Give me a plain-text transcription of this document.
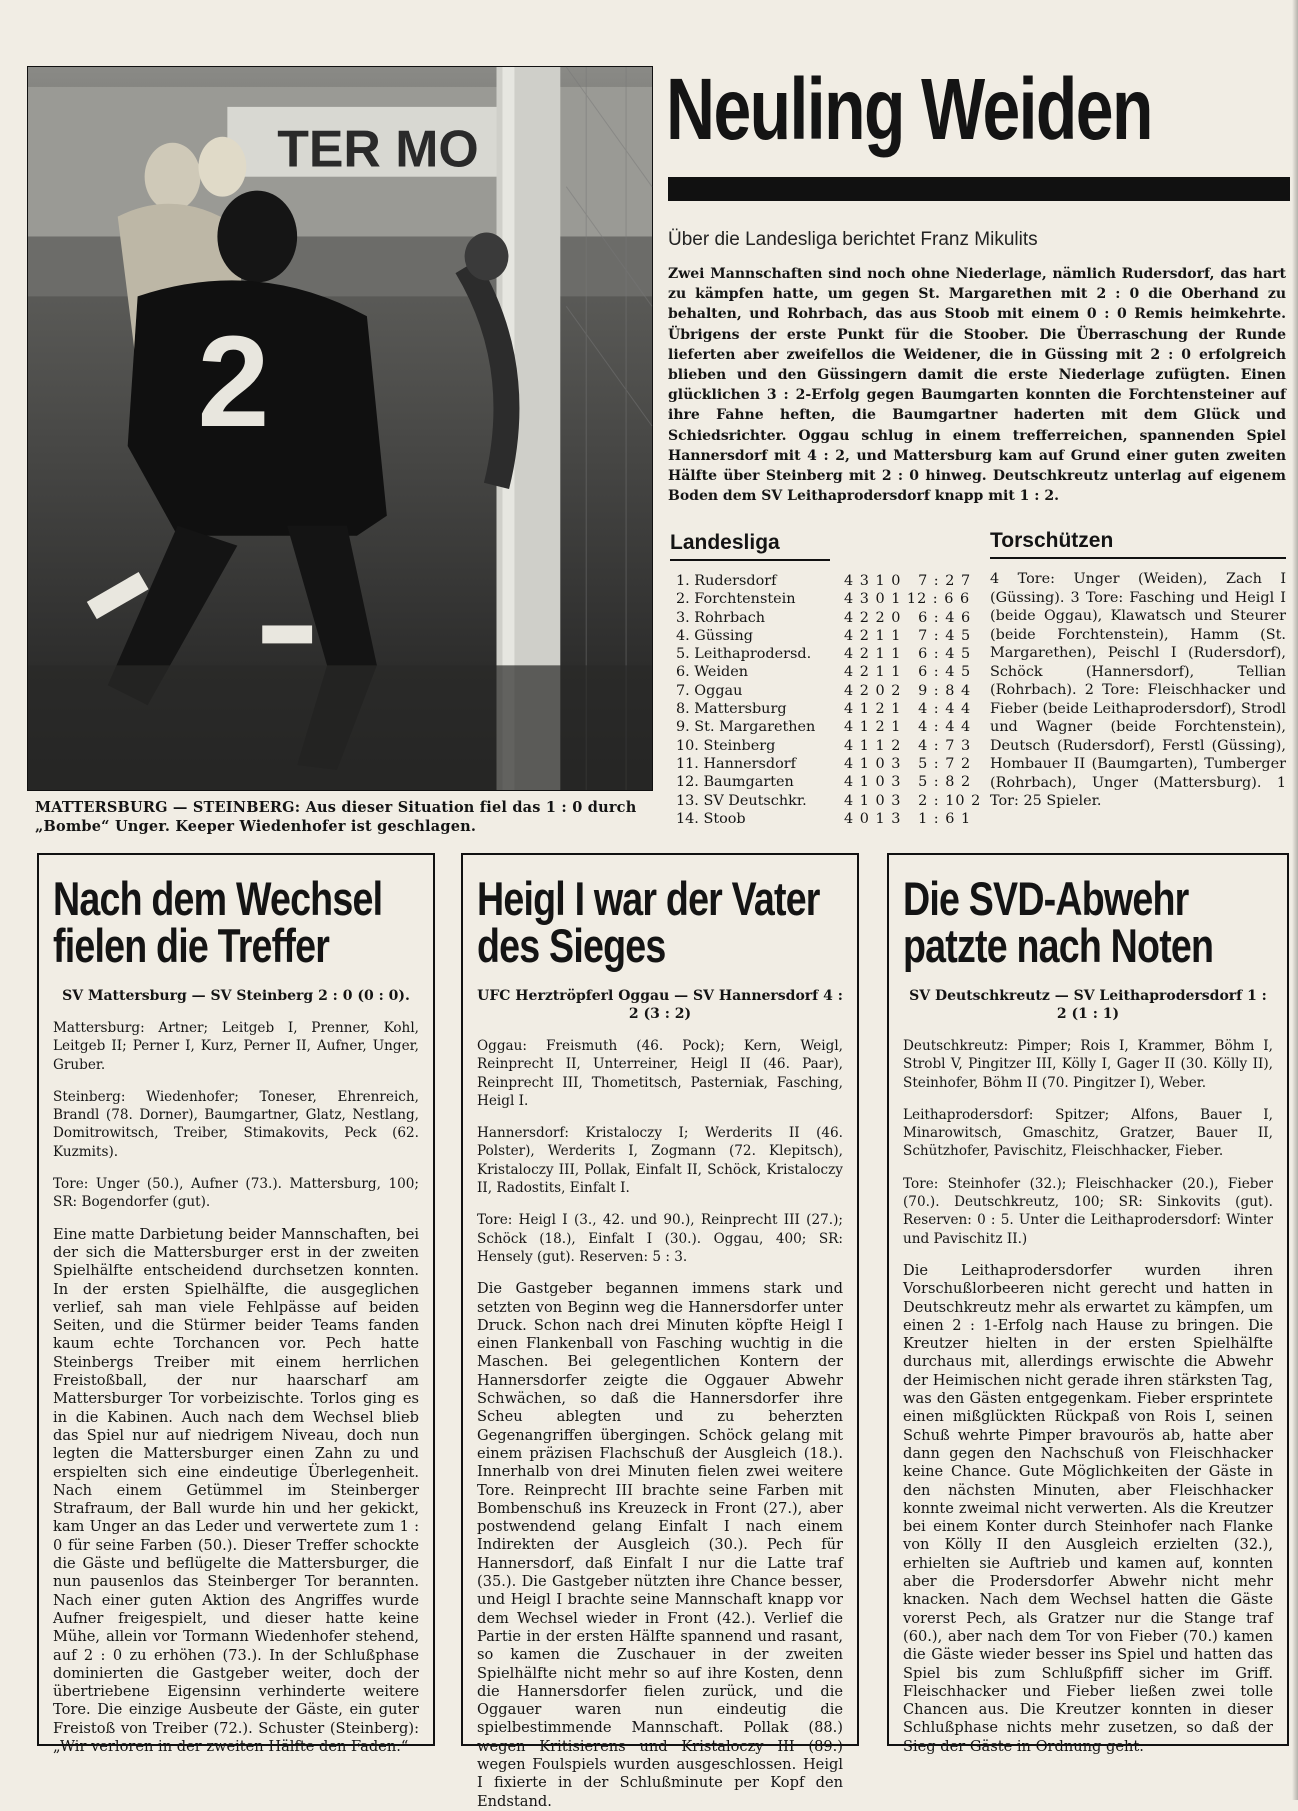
TER MO
2
MATTERSBURG — STEINBERG: Aus dieser Situation fiel das 1 : 0 durch „Bombe“ Unger. Keeper Wiedenhofer ist geschlagen.
Neuling Weiden
Über die Landesliga berichtet Franz Mikulits
Zwei Mannschaften sind noch ohne Niederlage, nämlich Rudersdorf, das hart zu kämpfen hatte, um gegen St. Margarethen mit 2 : 0 die Oberhand zu behalten, und Rohrbach, das aus Stoob mit einem 0 : 0 Remis heimkehrte. Übrigens der erste Punkt für die Stoober. Die Überraschung der Runde lieferten aber zweifellos die Weidener, die in Güssing mit 2 : 0 erfolgreich blieben und den Güssingern damit die erste Niederlage zufügten. Einen glücklichen 3 : 2-Erfolg gegen Baumgarten konnten die Forchtensteiner auf ihre Fahne heften, die Baumgartner haderten mit dem Glück und Schiedsrichter. Oggau schlug in einem trefferreichen, spannenden Spiel Hannersdorf mit 4 : 2, und Mattersburg kam auf Grund einer guten zweiten Hälfte über Steinberg mit 2 : 0 hinweg. Deutschkreutz unterlag auf eigenem Boden dem SV Leithaprodersdorf knapp mit 1 : 2.
Landesliga
1. Rudersdorf	4 3 1 0   7 : 2 7
2. Forchtenstein	4 3 0 1 12 : 6 6
3. Rohrbach	4 2 2 0   6 : 4 6
4. Güssing	4 2 1 1   7 : 4 5
5. Leithaprodersd.	4 2 1 1   6 : 4 5
6. Weiden	4 2 1 1   6 : 4 5
7. Oggau	4 2 0 2   9 : 8 4
8. Mattersburg	4 1 2 1   4 : 4 4
9. St. Margarethen	4 1 2 1   4 : 4 4
10. Steinberg	4 1 1 2   4 : 7 3
11. Hannersdorf	4 1 0 3   5 : 7 2
12. Baumgarten	4 1 0 3   5 : 8 2
13. SV Deutschkr.	4 1 0 3   2 : 10 2
14. Stoob	4 0 1 3   1 : 6 1
Torschützen
4 Tore: Unger (Weiden), Zach I (Güssing). 3 Tore: Fasching und Heigl I (beide Oggau), Klawatsch und Steurer (beide Forchtenstein), Hamm (St. Margarethen), Peischl I (Rudersdorf), Schöck (Hannersdorf), Tellian (Rohrbach). 2 Tore: Fleischhacker und Fieber (beide Leithaprodersdorf), Strodl und Wagner (beide Forchtenstein), Deutsch (Rudersdorf), Ferstl (Güssing), Hombauer II (Baumgarten), Tumberger (Rohrbach), Unger (Mattersburg). 1 Tor: 25 Spieler.
Nach dem Wechsel fielen die Treffer
SV Mattersburg — SV Steinberg 2 : 0 (0 : 0).
Mattersburg: Artner; Leitgeb I, Prenner, Kohl, Leitgeb II; Perner I, Kurz, Perner II, Aufner, Unger, Gruber.
Steinberg: Wiedenhofer; Toneser, Ehrenreich, Brandl (78. Dorner), Baumgartner, Glatz, Nestlang, Domitrowitsch, Treiber, Stimakovits, Peck (62. Kuzmits).
Tore: Unger (50.), Aufner (73.). Mattersburg, 100; SR: Bogendorfer (gut).
Eine matte Darbietung beider Mannschaften, bei der sich die Mattersburger erst in der zweiten Spielhälfte entscheidend durchsetzen konnten. In der ersten Spielhälfte, die ausgeglichen verlief, sah man viele Fehlpässe auf beiden Seiten, und die Stürmer beider Teams fanden kaum echte Torchancen vor. Pech hatte Steinbergs Treiber mit einem herrlichen Freistoßball, der nur haarscharf am Mattersburger Tor vorbeizischte. Torlos ging es in die Kabinen. Auch nach dem Wechsel blieb das Spiel nur auf niedrigem Niveau, doch nun legten die Mattersburger einen Zahn zu und erspielten sich eine eindeutige Überlegenheit. Nach einem Getümmel im Steinberger Strafraum, der Ball wurde hin und her gekickt, kam Unger an das Leder und verwertete zum 1 : 0 für seine Farben (50.). Dieser Treffer schockte die Gäste und beflügelte die Mattersburger, die nun pausenlos das Steinberger Tor berannten. Nach einer guten Aktion des Angriffes wurde Aufner freigespielt, und dieser hatte keine Mühe, allein vor Tormann Wiedenhofer stehend, auf 2 : 0 zu erhöhen (73.). In der Schlußphase dominierten die Gastgeber weiter, doch der übertriebene Eigensinn verhinderte weitere Tore. Die einzige Ausbeute der Gäste, ein guter Freistoß von Treiber (72.). Schuster (Steinberg): „Wir verloren in der zweiten Hälfte den Faden.“
Heigl I war der Vater des Sieges
UFC Herztröpferl Oggau — SV Hannersdorf 4 : 2 (3 : 2)
Oggau: Freismuth (46. Pock); Kern, Weigl, Reinprecht II, Unterreiner, Heigl II (46. Paar), Reinprecht III, Thometitsch, Pasterniak, Fasching, Heigl I.
Hannersdorf: Kristaloczy I; Werderits II (46. Polster), Werderits I, Zogmann (72. Klepitsch), Kristaloczy III, Pollak, Einfalt II, Schöck, Kristaloczy II, Radostits, Einfalt I.
Tore: Heigl I (3., 42. und 90.), Reinprecht III (27.); Schöck (18.), Einfalt I (30.). Oggau, 400; SR: Hensely (gut). Reserven: 5 : 3.
Die Gastgeber begannen immens stark und setzten von Beginn weg die Hannersdorfer unter Druck. Schon nach drei Minuten köpfte Heigl I einen Flankenball von Fasching wuchtig in die Maschen. Bei gelegentlichen Kontern der Hannersdorfer zeigte die Oggauer Abwehr Schwächen, so daß die Hannersdorfer ihre Scheu ablegten und zu beherzten Gegenangriffen übergingen. Schöck gelang mit einem präzisen Flachschuß der Ausgleich (18.). Innerhalb von drei Minuten fielen zwei weitere Tore. Reinprecht III brachte seine Farben mit Bombenschuß ins Kreuzeck in Front (27.), aber postwendend gelang Einfalt I nach einem Indirekten der Ausgleich (30.). Pech für Hannersdorf, daß Einfalt I nur die Latte traf (35.). Die Gastgeber nützten ihre Chance besser, und Heigl I brachte seine Mannschaft knapp vor dem Wechsel wieder in Front (42.). Verlief die Partie in der ersten Hälfte spannend und rasant, so kamen die Zuschauer in der zweiten Spielhälfte nicht mehr so auf ihre Kosten, denn die Hannersdorfer fielen zurück, und die Oggauer waren nun eindeutig die spielbestimmende Mannschaft. Pollak (88.) wegen Kritisierens und Kristaloczy III (89.) wegen Foulspiels wurden ausgeschlossen. Heigl I fixierte in der Schlußminute per Kopf den Endstand.
Die SVD-Abwehr patzte nach Noten
SV Deutschkreutz — SV Leithaprodersdorf 1 : 2 (1 : 1)
Deutschkreutz: Pimper; Rois I, Krammer, Böhm I, Strobl V, Pingitzer III, Kölly I, Gager II (30. Kölly II), Steinhofer, Böhm II (70. Pingitzer I), Weber.
Leithaprodersdorf: Spitzer; Alfons, Bauer I, Minarowitsch, Gmaschitz, Gratzer, Bauer II, Schützhofer, Pavischitz, Fleischhacker, Fieber.
Tore: Steinhofer (32.); Fleischhacker (20.), Fieber (70.). Deutschkreutz, 100; SR: Sinkovits (gut). Reserven: 0 : 5. Unter die Leithaprodersdorf: Winter und Pavischitz II.)
Die Leithaprodersdorfer wurden ihren Vorschußlorbeeren nicht gerecht und hatten in Deutschkreutz mehr als erwartet zu kämpfen, um einen 2 : 1-Erfolg nach Hause zu bringen. Die Kreutzer hielten in der ersten Spielhälfte durchaus mit, allerdings erwischte die Abwehr der Heimischen nicht gerade ihren stärksten Tag, was den Gästen entgegenkam. Fieber ersprintete einen mißglückten Rückpaß von Rois I, seinen Schuß wehrte Pimper bravourös ab, hatte aber dann gegen den Nachschuß von Fleischhacker keine Chance. Gute Möglichkeiten der Gäste in den nächsten Minuten, aber Fleischhacker konnte zweimal nicht verwerten. Als die Kreutzer bei einem Konter durch Steinhofer nach Flanke von Kölly II den Ausgleich erzielten (32.), erhielten sie Auftrieb und kamen auf, konnten aber die Prodersdorfer Abwehr nicht mehr knacken. Nach dem Wechsel hatten die Gäste vorerst Pech, als Gratzer nur die Stange traf (60.), aber nach dem Tor von Fieber (70.) kamen die Gäste wieder besser ins Spiel und hatten das Spiel bis zum Schlußpfiff sicher im Griff. Fleischhacker und Fieber ließen zwei tolle Chancen aus. Die Kreutzer konnten in dieser Schlußphase nichts mehr zusetzen, so daß der Sieg der Gäste in Ordnung geht.
